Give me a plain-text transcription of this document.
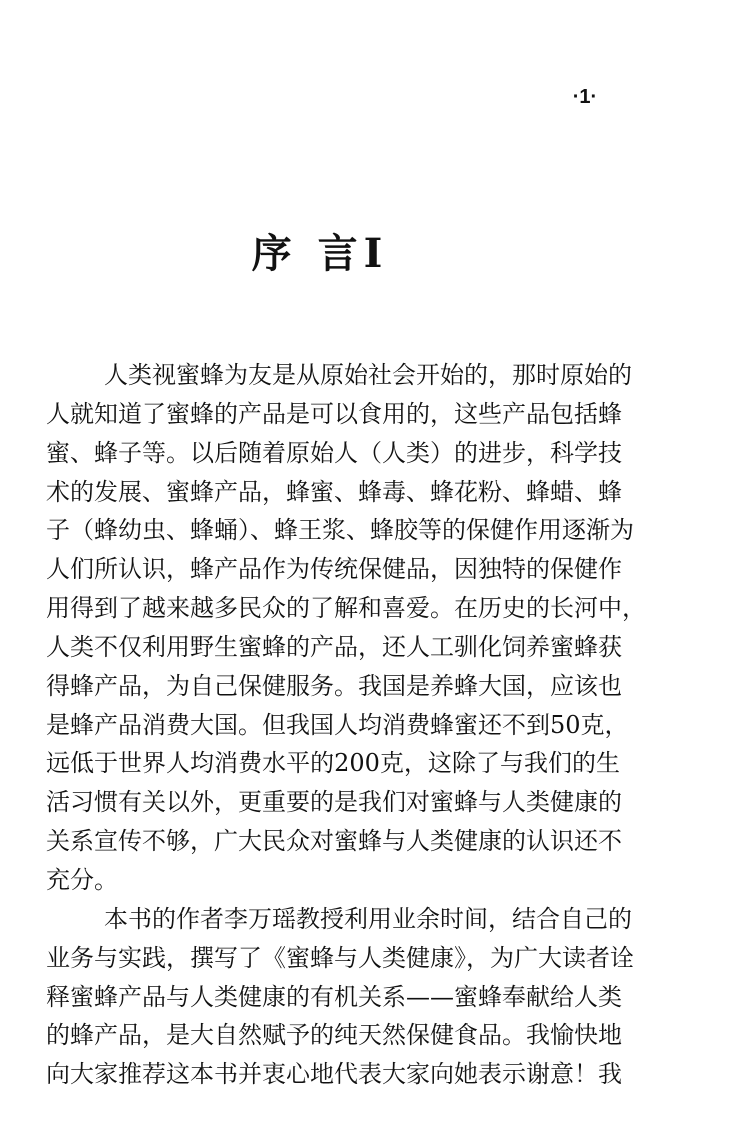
·1·
序 言I
人类视蜜蜂为友是从原始社会开始的，那时原始的
人就知道了蜜蜂的产品是可以食用的，这些产品包括蜂
蜜、蜂子等。以后随着原始人（人类）的进步，科学技
术的发展、蜜蜂产品，蜂蜜、蜂毒、蜂花粉、蜂蜡、蜂
子（蜂幼虫、蜂蛹）、蜂王浆、蜂胶等的保健作用逐渐为
人们所认识，蜂产品作为传统保健品，因独特的保健作
用得到了越来越多民众的了解和喜爱。在历史的长河中，
人类不仅利用野生蜜蜂的产品，还人工驯化饲养蜜蜂获
得蜂产品，为自己保健服务。我国是养蜂大国，应该也
是蜂产品消费大国。但我国人均消费蜂蜜还不到50克，
远低于世界人均消费水平的200克，这除了与我们的生
活习惯有关以外，更重要的是我们对蜜蜂与人类健康的
关系宣传不够，广大民众对蜜蜂与人类健康的认识还不
充分。
本书的作者李万瑶教授利用业余时间，结合自己的
业务与实践，撰写了《蜜蜂与人类健康》，为广大读者诠
释蜜蜂产品与人类健康的有机关系——蜜蜂奉献给人类
的蜂产品，是大自然赋予的纯天然保健食品。我愉快地
向大家推荐这本书并衷心地代表大家向她表示谢意！我
